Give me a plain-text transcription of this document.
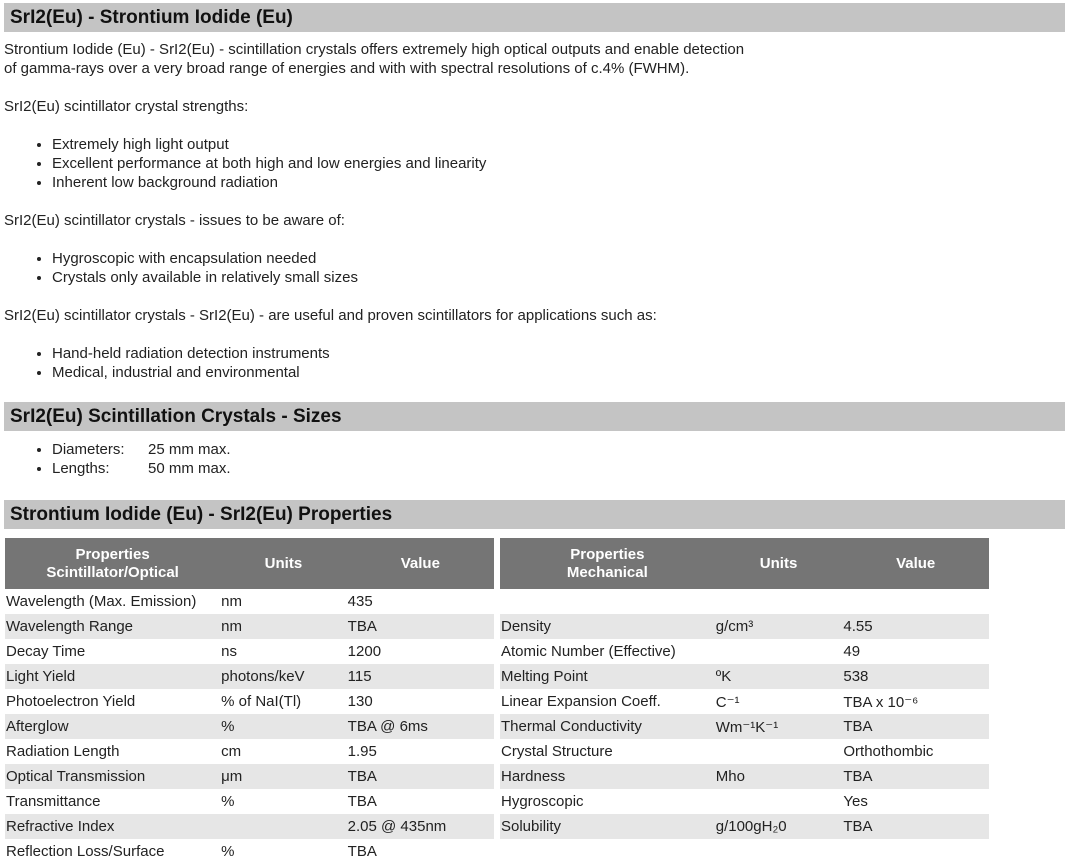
SrI2(Eu) - Strontium Iodide (Eu)

Strontium Iodide (Eu) - SrI2(Eu) - scintillation crystals offers extremely high optical outputs and enable detection

of gamma-rays over a very broad range of energies and with with spectral resolutions of c.4% (FWHM).

SrI2(Eu) scintillator crystal strengths:

• Extremely high light output
• Excellent performance at both high and low energies and linearity
• Inherent low background radiation

SrI2(Eu) scintillator crystals - issues to be aware of:

• Hygroscopic with encapsulation needed
• Crystals only available in relatively small sizes

SrI2(Eu) scintillator crystals - SrI2(Eu) - are useful and proven scintillators for applications such as:

• Hand-held radiation detection instruments
• Medical, industrial and environmental
SrI2(Eu) Scintillation Crystals - Sizes
• Diameters: 25 mm max.
• Lengths:	50 mm max.
Strontium Iodide (Eu) - SrI2(Eu) Properties
Properties
Scintillator/Optical	Units	Value
Wavelength (Max. Emission)	nm	435
Wavelength Range	nm	TBA
Decay Time	ns	1200
Light Yield	photons/keV	115
Photoelectron Yield	% of NaI(Tl)	130
Afterglow	%	TBA @ 6ms
Radiation Length	cm	1.95
Optical Transmission	μm	TBA
Transmittance	%	TBA
Refractive Index		2.05 @ 435nm
Reflection Loss/Surface	%	TBA
Properties
Mechanical	Units	Value

Density	g/cm³	4.55
Atomic Number (Effective)		49
Melting Point	ºK	538
Linear Expansion Coeff.	C⁻¹	TBA x 10⁻⁶
Thermal Conductivity	Wm⁻¹K⁻¹	TBA
Crystal Structure		Orthothombic
Hardness	Mho	TBA
Hygroscopic		Yes
Solubility	g/100gH₂0	TBA
